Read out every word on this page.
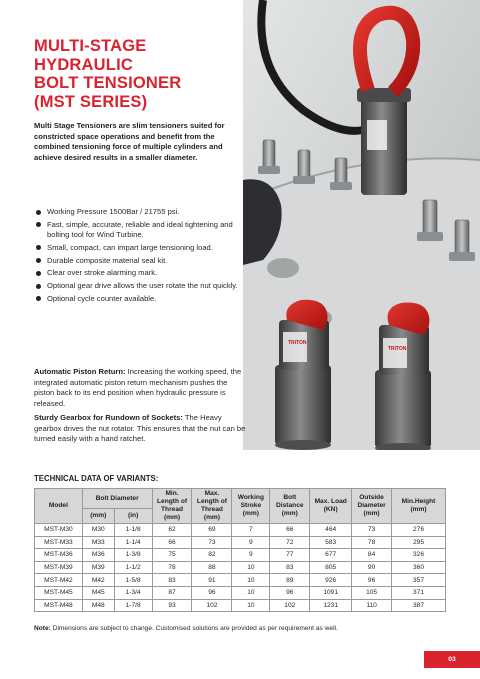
TRITON
TRITON
MULTI-STAGE
HYDRAULIC
BOLT TENSIONER
(MST SERIES)

Multi Stage Tensioners are slim tensioners suited for constricted space operations and benefit from the combined tensioning force of multiple cylinders and achieve desired results in a smaller diameter.

Working Pressure 1500Bar / 21755 psi.
Fast, simple, accurate, reliable and ideal tightening and bolting tool for Wind Turbine.
Small, compact, can impart large tensioning load.
Durable composite material seal kit.
Clear over stroke alarming mark.
Optional gear drive allows the user rotate the nut quickly.
Optional cycle counter available.

Automatic Piston Return: Increasing the working speed, the integrated automatic piston return mechanism pushes the piston back to its end position when hydraulic pressure is released.

Sturdy Gearbox for Rundown of Sockets: The Heavy gearbox drives the nut rotator. This ensures that the nut can be turned easily with a hand ratchet.

TECHNICAL DATA OF VARIANTS:
Model	Bolt Diameter		Min. Length of Thread (mm)	Max. Length of Thread (mm)	Working Stroke (mm)	Bolt Distance (mm)	Max. Load (KN)	Outside Diameter (mm)	Min.Height (mm)
	(mm)	(in)							
MST-M30	M30	1-1/8	62	69	7	66	464	73	276
MST-M33	M33	1-1/4	66	73	9	72	583	78	295
MST-M36	M36	1-3/8	75	82	9	77	677	84	326
MST-M39	M39	1-1/2	78	88	10	83	805	90	360
MST-M42	M42	1-5/8	83	91	10	89	926	96	357
MST-M45	M45	1-3/4	87	96	10	96	1091	105	371
MST-M48	M48	1-7/8	93	102	10	102	1231	110	387

Note: Dimensions are subject to change. Customised solutions are provided as per requirement as well.

03
